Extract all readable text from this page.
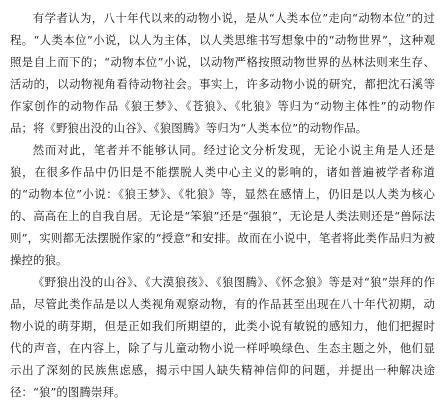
有学者认为，八十年代以来的动物小说，是从“人类本位”走向“动物本位”的过程。“人类本位”小说，以人为主体，以人类思维书写想象中的“动物世界”，这种观照是自上而下的；“动物本位”小说，以动物严格按照动物世界的丛林法则来生存、活动的，以动物视角看待动物社会。事实上，许多动物小说的研究，都把沈石溪等作家创作的动物作品《狼王梦》、《苍狼》、《牝狼》等归为“动物主体性”的动物作品；将《野狼出没的山谷》、《狼图腾》等归为“人类本位”的动物作品。

然而对此，笔者并不能够认同。经过论文分析发现，无论小说主角是人还是狼，在很多作品中仍旧是不能摆脱人类中心主义的影响的，诸如普遍被学者称道的“动物本位”小说：《狼王梦》、《牝狼》等，显然在感情上，仍旧是以人类为核心的、高高在上的自我自居。无论是“笨狼”还是“强狼”，无论是人类法则还是“兽际法则”，实则都无法摆脱作家的“授意”和安排。故而在小说中，笔者将此类作品归为被操控的狼。

《野狼出没的山谷》、《大漠狼孩》、《狼图腾》、《怀念狼》等是对“狼”崇拜的作品，尽管此类作品是以人类视角观察动物，有的作品甚至出现在八十年代初期，动物小说的萌芽期，但是正如我们所期望的，此类小说有敏锐的感知力，他们把握时代的声音，在内容上，除了与儿童动物小说一样呼唤绿色、生态主题之外，他们显示出了深刻的民族焦虑感，揭示中国人缺失精神信仰的问题，并提出一种解决途径：“狼”的图腾崇拜。
